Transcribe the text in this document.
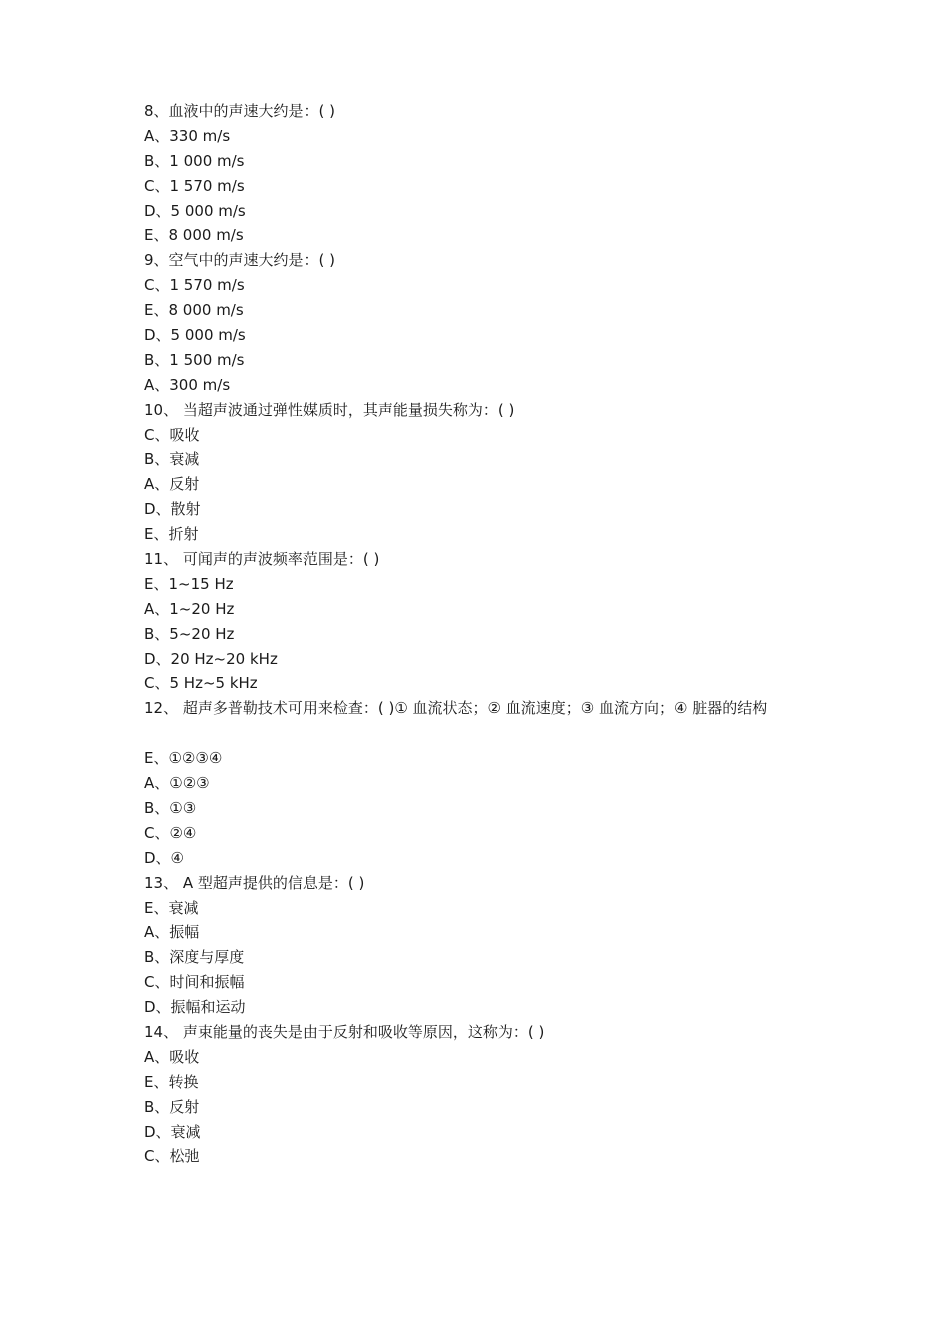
8、血液中的声速大约是：( )
A、330 m/s
B、1 000 m/s
C、1 570 m/s
D、5 000 m/s
E、8 000 m/s
9、空气中的声速大约是：( )
C、1 570 m/s
E、8 000 m/s
D、5 000 m/s
B、1 500 m/s
A、300 m/s
10、 当超声波通过弹性媒质时，其声能量损失称为：( )
C、吸收
B、衰减
A、反射
D、散射
E、折射
11、 可闻声的声波频率范围是：( )
E、1~15 Hz
A、1~20 Hz
B、5~20 Hz
D、20 Hz~20 kHz
C、5 Hz~5 kHz
12、 超声多普勒技术可用来检查：( )① 血流状态；② 血流速度；③ 血流方向；④ 脏器的结构
E、①②③④
A、①②③
B、①③
C、②④
D、④
13、 A 型超声提供的信息是：( )
E、衰减
A、振幅
B、深度与厚度
C、时间和振幅
D、振幅和运动
14、 声束能量的丧失是由于反射和吸收等原因，这称为：( )
A、吸收
E、转换
B、反射
D、衰减
C、松弛
